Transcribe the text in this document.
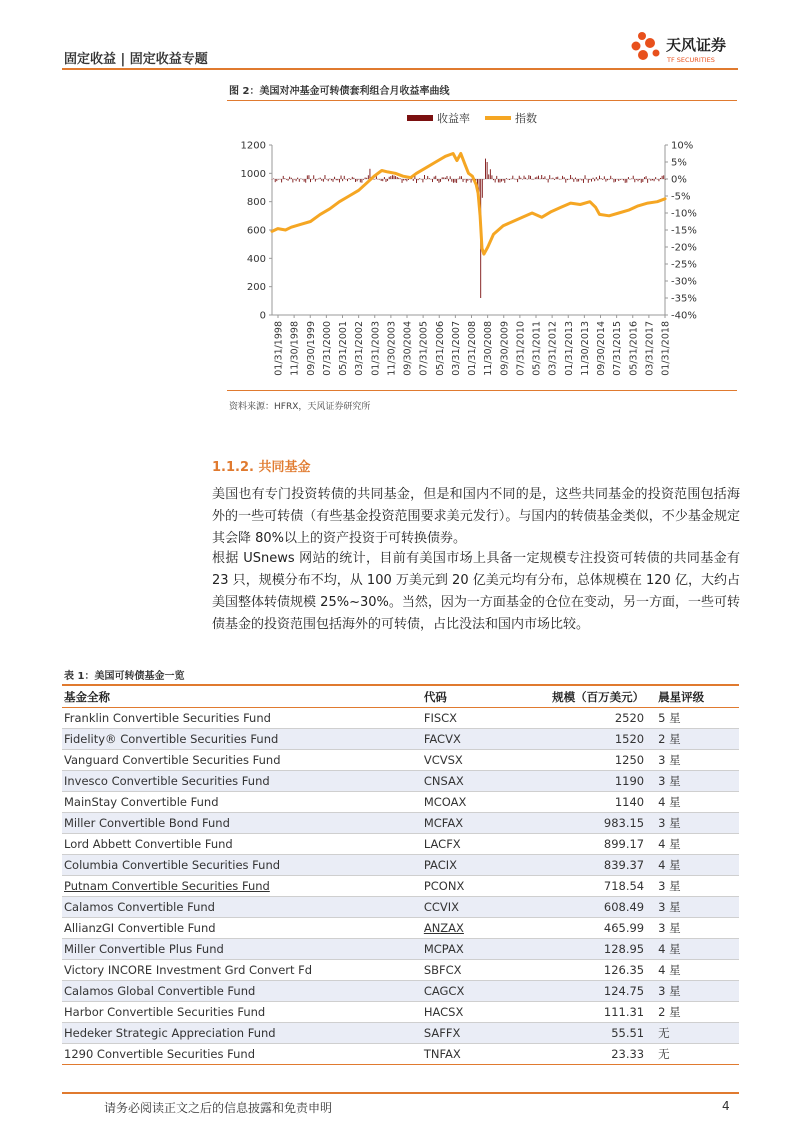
固定收益 | 固定收益专题
天风证券
TF SECURITIES
图 2：美国对冲基金可转债套利组合月收益率曲线
收益率	指数
0
200
400
600
800
1000
1200	10%
5%
0%
-5%
-10%
-15%
-20%
-25%
-30%
-35%
-40%
01/31/1998 11/30/1998 09/30/1999 07/31/2000 05/31/2001 03/31/2002 01/31/2003 11/30/2003 09/30/2004 07/31/2005 05/31/2006 03/31/2007 01/31/2008 11/30/2008 09/30/2009 07/31/2010 05/31/2011 03/31/2012 01/31/2013 11/30/2013 09/30/2014 07/31/2015 05/31/2016 03/31/2017 01/31/2018
资料来源：HFRX，天风证券研究所
1.1.2. 共同基金

美国也有专门投资转债的共同基金，但是和国内不同的是，这些共同基金的投资范围包括海外的一些可转债（有些基金投资范围要求美元发行）。与国内的转债基金类似，不少基金规定其会降 80%以上的资产投资于可转换债券。

根据 USnews 网站的统计，目前有美国市场上具备一定规模专注投资可转债的共同基金有 23 只，规模分布不均，从 100 万美元到 20 亿美元均有分布，总体规模在 120 亿，大约占美国整体转债规模 25%~30%。当然，因为一方面基金的仓位在变动，另一方面，一些可转债基金的投资范围包括海外的可转债，占比没法和国内市场比较。

表 1：美国可转债基金一览
基金全称	代码	规模（百万美元）	晨星评级
Franklin Convertible Securities Fund	FISCX	2520	5 星
Fidelity® Convertible Securities Fund	FACVX	1520	2 星
Vanguard Convertible Securities Fund	VCVSX	1250	3 星
Invesco Convertible Securities Fund	CNSAX	1190	3 星
MainStay Convertible Fund	MCOAX	1140	4 星
Miller Convertible Bond Fund	MCFAX	983.15	3 星
Lord Abbett Convertible Fund	LACFX	899.17	4 星
Columbia Convertible Securities Fund	PACIX	839.37	4 星
Putnam Convertible Securities Fund	PCONX	718.54	3 星
Calamos Convertible Fund	CCVIX	608.49	3 星
AllianzGI Convertible Fund	ANZAX	465.99	3 星
Miller Convertible Plus Fund	MCPAX	128.95	4 星
Victory INCORE Investment Grd Convert Fd	SBFCX	126.35	4 星
Calamos Global Convertible Fund	CAGCX	124.75	3 星
Harbor Convertible Securities Fund	HACSX	111.31	2 星
Hedeker Strategic Appreciation Fund	SAFFX	55.51	无
1290 Convertible Securities Fund	TNFAX	23.33	无
请务必阅读正文之后的信息披露和免责申明	4
